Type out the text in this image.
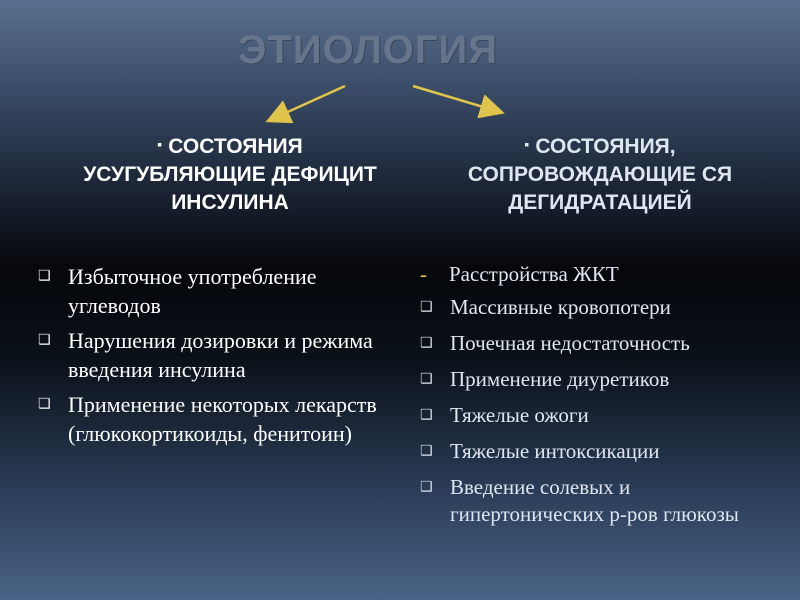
ЭТИОЛОГИЯ
▪ СОСТОЯНИЯ УСУГУБЛЯЮЩИЕ ДЕФИЦИТ ИНСУЛИНА
▪ СОСТОЯНИЯ, СОПРОВОЖДАЮЩИЕ СЯ ДЕГИДРАТАЦИЕЙ
❑ Избыточное употребление углеводов
❑ Нарушения дозировки и режима введения инсулина
❑ Применение некоторых лекарств (глюкокортикоиды, фенитоин)
- Расстройства ЖКТ
❑ Массивные кровопотери
❑ Почечная недостаточность
❑ Применение диуретиков
❑ Тяжелые ожоги
❑ Тяжелые интоксикации
❑ Введение солевых и гипертонических р-ров глюкозы
